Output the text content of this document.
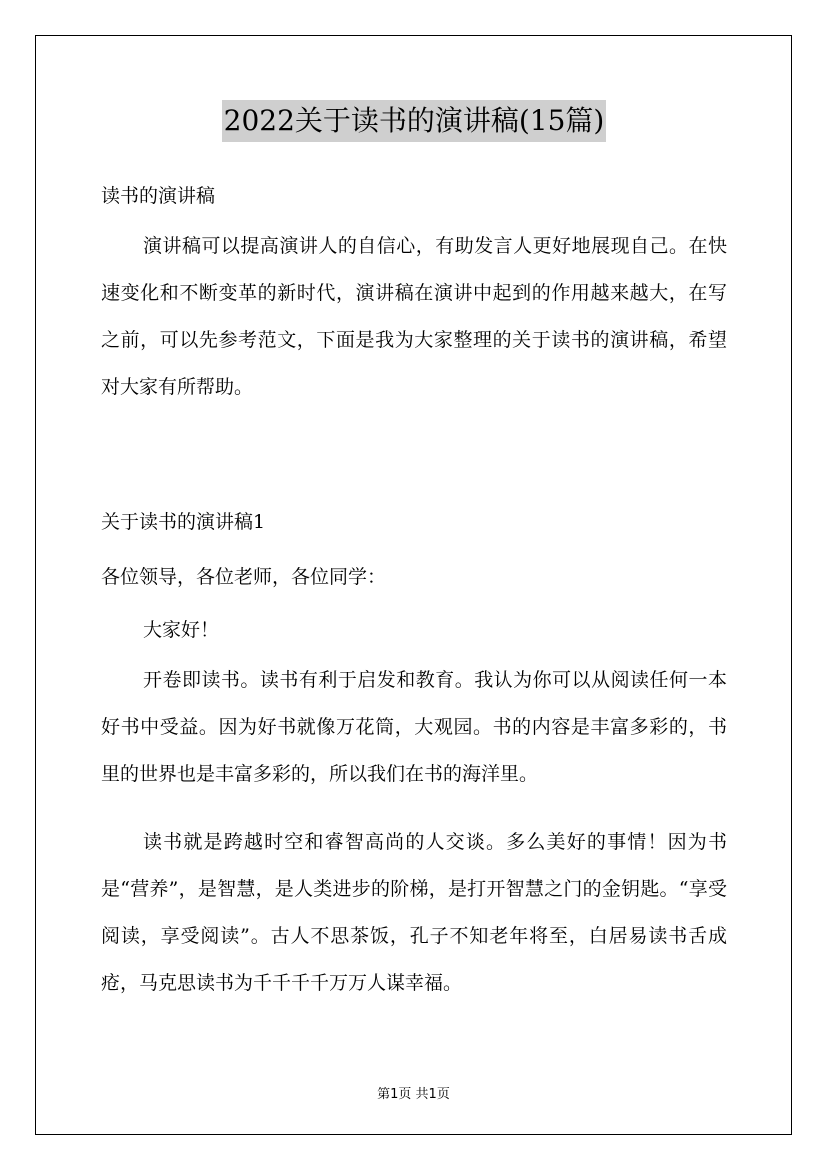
2022关于读书的演讲稿(15篇)
读书的演讲稿
演讲稿可以提高演讲人的自信心，有助发言人更好地展现自己。在快速变化和不断变革的新时代，演讲稿在演讲中起到的作用越来越大，在写之前，可以先参考范文，下面是我为大家整理的关于读书的演讲稿，希望对大家有所帮助。
关于读书的演讲稿1
各位领导，各位老师，各位同学：
大家好！
开卷即读书。读书有利于启发和教育。我认为你可以从阅读任何一本好书中受益。因为好书就像万花筒，大观园。书的内容是丰富多彩的，书里的世界也是丰富多彩的，所以我们在书的海洋里。
读书就是跨越时空和睿智高尚的人交谈。多么美好的事情！因为书是“营养”，是智慧，是人类进步的阶梯，是打开智慧之门的金钥匙。“享受阅读，享受阅读”。古人不思茶饭，孔子不知老年将至，白居易读书舌成疮，马克思读书为千千千千万万人谋幸福。
第1页 共1页
